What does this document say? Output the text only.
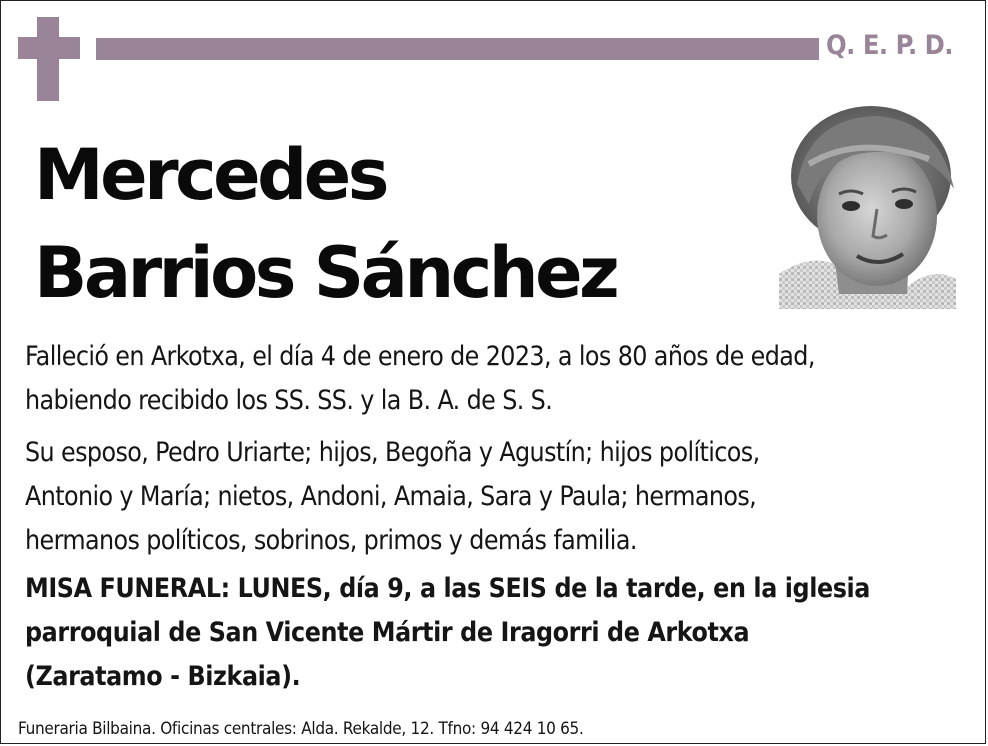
Q. E. P. D.
Mercedes
Barrios Sánchez
Falleció en Arkotxa, el día 4 de enero de 2023, a los 80 años de edad,
habiendo recibido los SS. SS. y la B. A. de S. S.
Su esposo, Pedro Uriarte; hijos, Begoña y Agustín; hijos políticos,
Antonio y María; nietos, Andoni, Amaia, Sara y Paula; hermanos,
hermanos políticos, sobrinos, primos y demás familia.
MISA FUNERAL: LUNES, día 9, a las SEIS de la tarde, en la iglesia
parroquial de San Vicente Mártir de Iragorri de Arkotxa
(Zaratamo - Bizkaia).
Funeraria Bilbaina. Oficinas centrales: Alda. Rekalde, 12. Tfno: 94 424 10 65.
